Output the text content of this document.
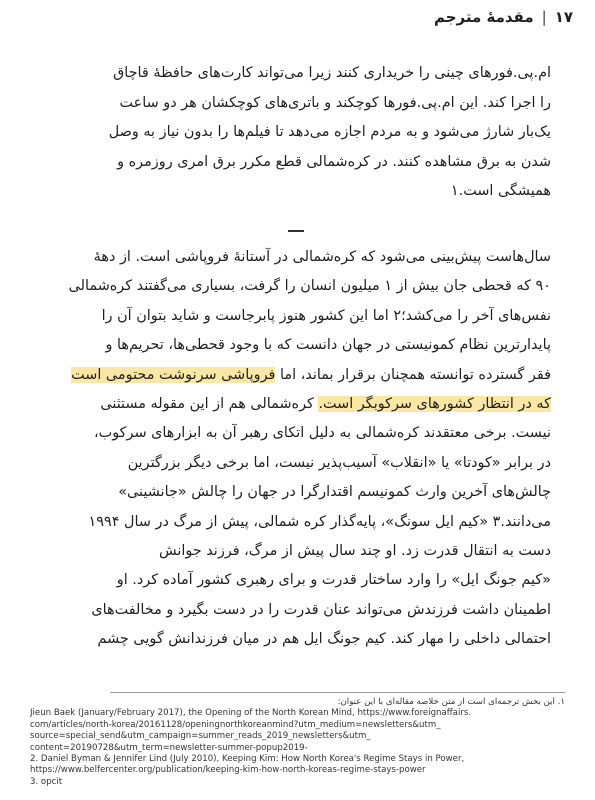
۱۷
|
مقدمۀ مترجم
ام.پی.فورهای چینی را خریداری کنند زیرا می‌تواند کارت‌های حافظۀ قاچاق
را اجرا کند. این ام.پی.فورها کوچکند و باتری‌های کوچکشان هر دو ساعت
یک‌بار شارژ می‌شود و به مردم اجازه می‌دهد تا فیلم‌ها را بدون نیاز به وصل
شدن به برق مشاهده کنند. در کره‌شمالی قطع مکرر برق امری روزمره و
همیشگی است.۱
سال‌هاست پیش‌بینی می‌شود که کره‌شمالی در آستانۀ فروپاشی است. از دهۀ
۹۰ که قحطی جان بیش از ۱ میلیون انسان را گرفت، بسیاری می‌گفتند کره‌شمالی
نفس‌های آخر را می‌کشد؛۲ اما این کشور هنوز پابرجاست و شاید بتوان آن را
پایدارترین نظام کمونیستی در جهان دانست که با وجود قحطی‌ها، تحریم‌ها و
فقر گسترده توانسته همچنان برقرار بماند، اما فروپاشی سرنوشت محتومی است
که در انتظار کشورهای سرکوبگر است. کره‌شمالی هم از این مقوله مستثنی
نیست. برخی معتقدند کره‌شمالی به دلیل اتکای رهبر آن به ابزارهای سرکوب،
در برابر «کودتا» یا «انقلاب» آسیب‌پذیر نیست، اما برخی دیگر بزرگترین
چالش‌های آخرین وارث کمونیسم اقتدارگرا در جهان را چالش «جانشینی»
می‌دانند.۳ «کیم ایل سونگ»، پایه‌گذار کره شمالی، پیش از مرگ در سال ۱۹۹۴
دست به انتقال قدرت زد. او چند سال پیش از مرگ، فرزند جوانش
«کیم جونگ ایل» را وارد ساختار قدرت و برای رهبری کشور آماده کرد. او
اطمینان داشت فرزندش می‌تواند عنان قدرت را در دست بگیرد و مخالفت‌های
احتمالی داخلی را مهار کند. کیم جونگ ایل هم در میان فرزندانش گویی چشم
۱. این بخش ترجمه‌ای است از متن خلاصه مقاله‌ای با این عنوان:
Jieun Baek (January/February 2017), the Opening of the North Korean Mind, https://www.foreignaffairs.
com/articles/north-korea/20161128/openingnorthkoreanmind?utm_medium=newsletters&utm_
source=special_send&utm_campaign=summer_reads_2019_newsletters&utm_
content=20190728&utm_term=newsletter-summer-popup2019-
2. Daniel Byman & Jennifer Lind (July 2010), Keeping Kim: How North Korea's Regime Stays in Power,
https://www.belfercenter.org/publication/keeping-kim-how-north-koreas-regime-stays-power
3. opcit
